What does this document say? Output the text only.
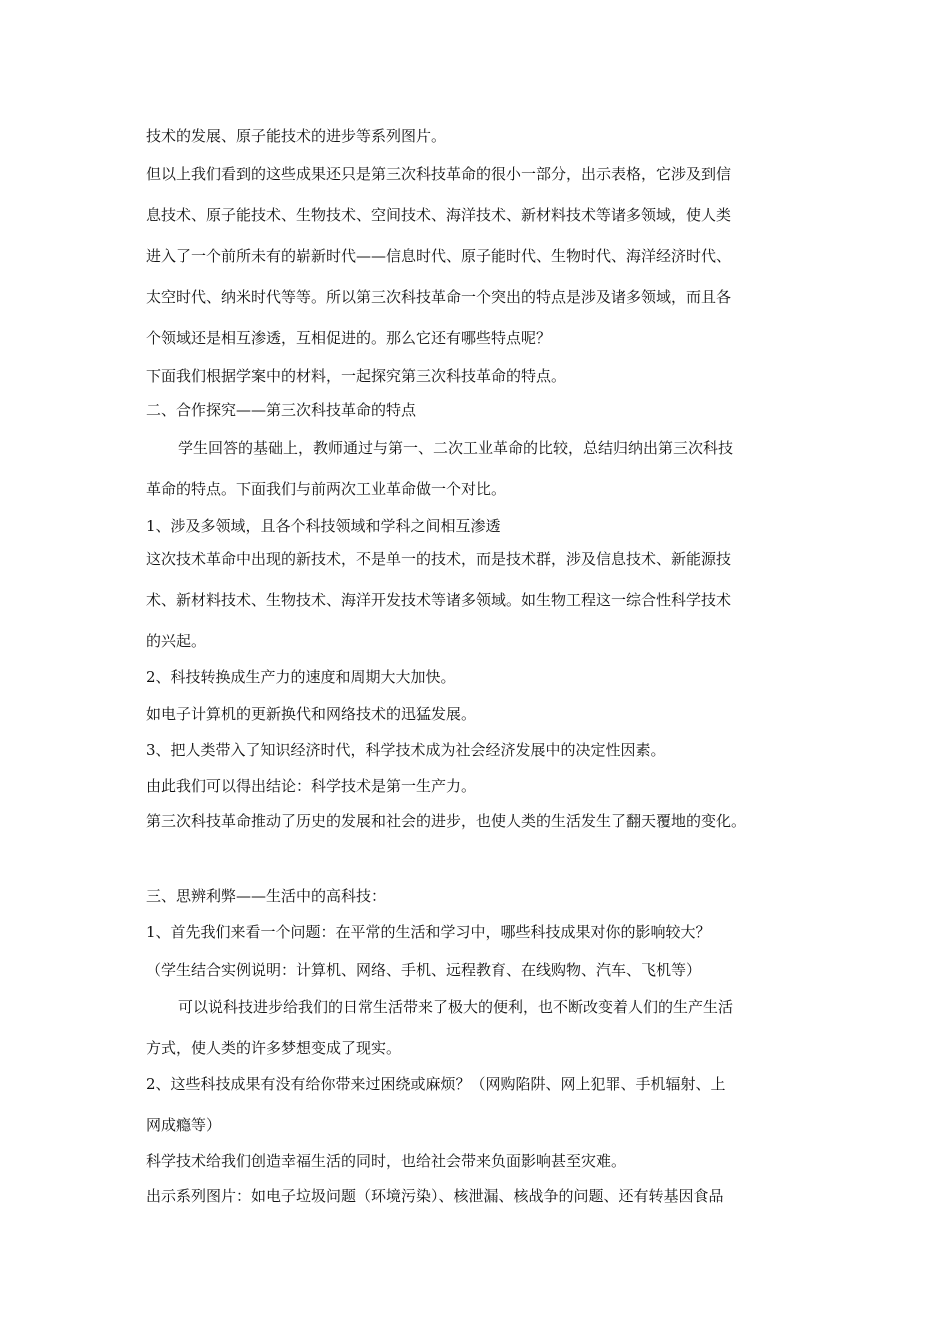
技术的发展、原子能技术的进步等系列图片。
但以上我们看到的这些成果还只是第三次科技革命的很小一部分，出示表格，它涉及到信
息技术、原子能技术、生物技术、空间技术、海洋技术、新材料技术等诸多领域，使人类
进入了一个前所未有的崭新时代——信息时代、原子能时代、生物时代、海洋经济时代、
太空时代、纳米时代等等。所以第三次科技革命一个突出的特点是涉及诸多领域，而且各
个领域还是相互渗透，互相促进的。那么它还有哪些特点呢？
下面我们根据学案中的材料，一起探究第三次科技革命的特点。
二、合作探究——第三次科技革命的特点
学生回答的基础上，教师通过与第一、二次工业革命的比较，总结归纳出第三次科技
革命的特点。下面我们与前两次工业革命做一个对比。
1、涉及多领域，且各个科技领域和学科之间相互渗透
这次技术革命中出现的新技术，不是单一的技术，而是技术群，涉及信息技术、新能源技
术、新材料技术、生物技术、海洋开发技术等诸多领域。如生物工程这一综合性科学技术
的兴起。
2、科技转换成生产力的速度和周期大大加快。
如电子计算机的更新换代和网络技术的迅猛发展。
3、把人类带入了知识经济时代，科学技术成为社会经济发展中的决定性因素。
由此我们可以得出结论：科学技术是第一生产力。
第三次科技革命推动了历史的发展和社会的进步，也使人类的生活发生了翻天覆地的变化。
三、思辨利弊——生活中的高科技：
1、首先我们来看一个问题：在平常的生活和学习中，哪些科技成果对你的影响较大？
（学生结合实例说明：计算机、网络、手机、远程教育、在线购物、汽车、飞机等）
可以说科技进步给我们的日常生活带来了极大的便利，也不断改变着人们的生产生活
方式，使人类的许多梦想变成了现实。
2、这些科技成果有没有给你带来过困绕或麻烦？（网购陷阱、网上犯罪、手机辐射、上
网成瘾等）
科学技术给我们创造幸福生活的同时，也给社会带来负面影响甚至灾难。
出示系列图片：如电子垃圾问题（环境污染）、核泄漏、核战争的问题、还有转基因食品
